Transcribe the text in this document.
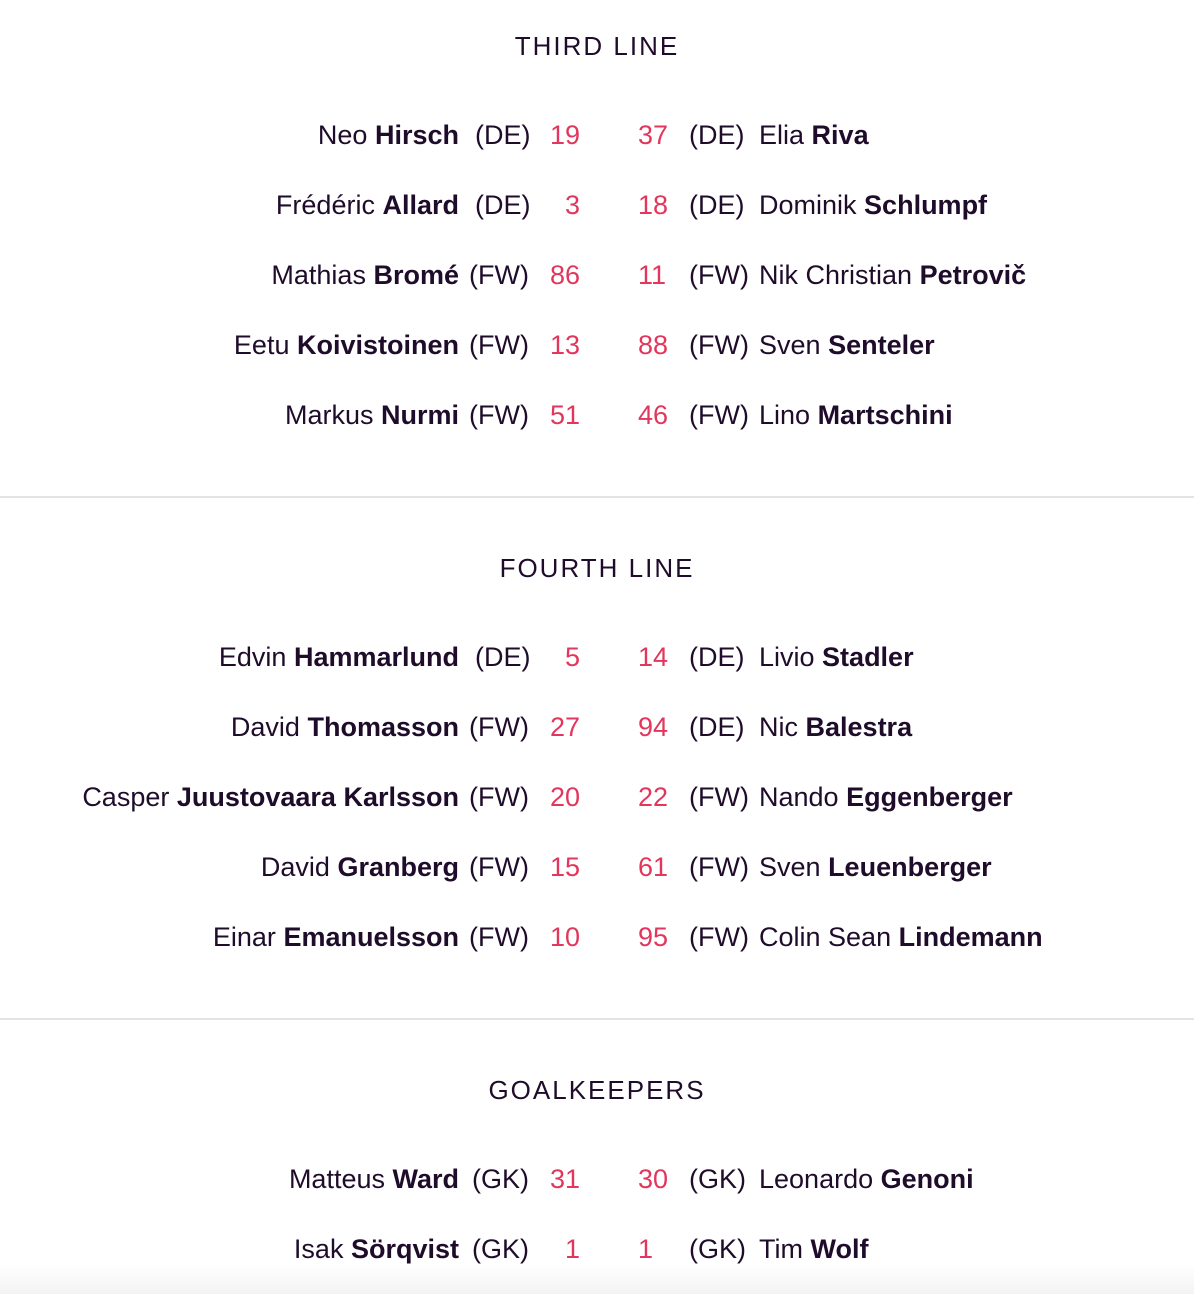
THIRD LINE
Neo Hirsch (DE) 19 37 (DE) Elia Riva
Frédéric Allard (DE) 3 18 (DE) Dominik Schlumpf
Mathias Bromé (FW) 86 11 (FW) Nik Christian Petrovič
Eetu Koivistoinen (FW) 13 88 (FW) Sven Senteler
Markus Nurmi (FW) 51 46 (FW) Lino Martschini
FOURTH LINE
Edvin Hammarlund (DE) 5 14 (DE) Livio Stadler
David Thomasson (FW) 27 94 (DE) Nic Balestra
Casper Juustovaara Karlsson (FW) 20 22 (FW) Nando Eggenberger
David Granberg (FW) 15 61 (FW) Sven Leuenberger
Einar Emanuelsson (FW) 10 95 (FW) Colin Sean Lindemann
GOALKEEPERS
Matteus Ward (GK) 31 30 (GK) Leonardo Genoni
Isak Sörqvist (GK) 1 1 (GK) Tim Wolf
